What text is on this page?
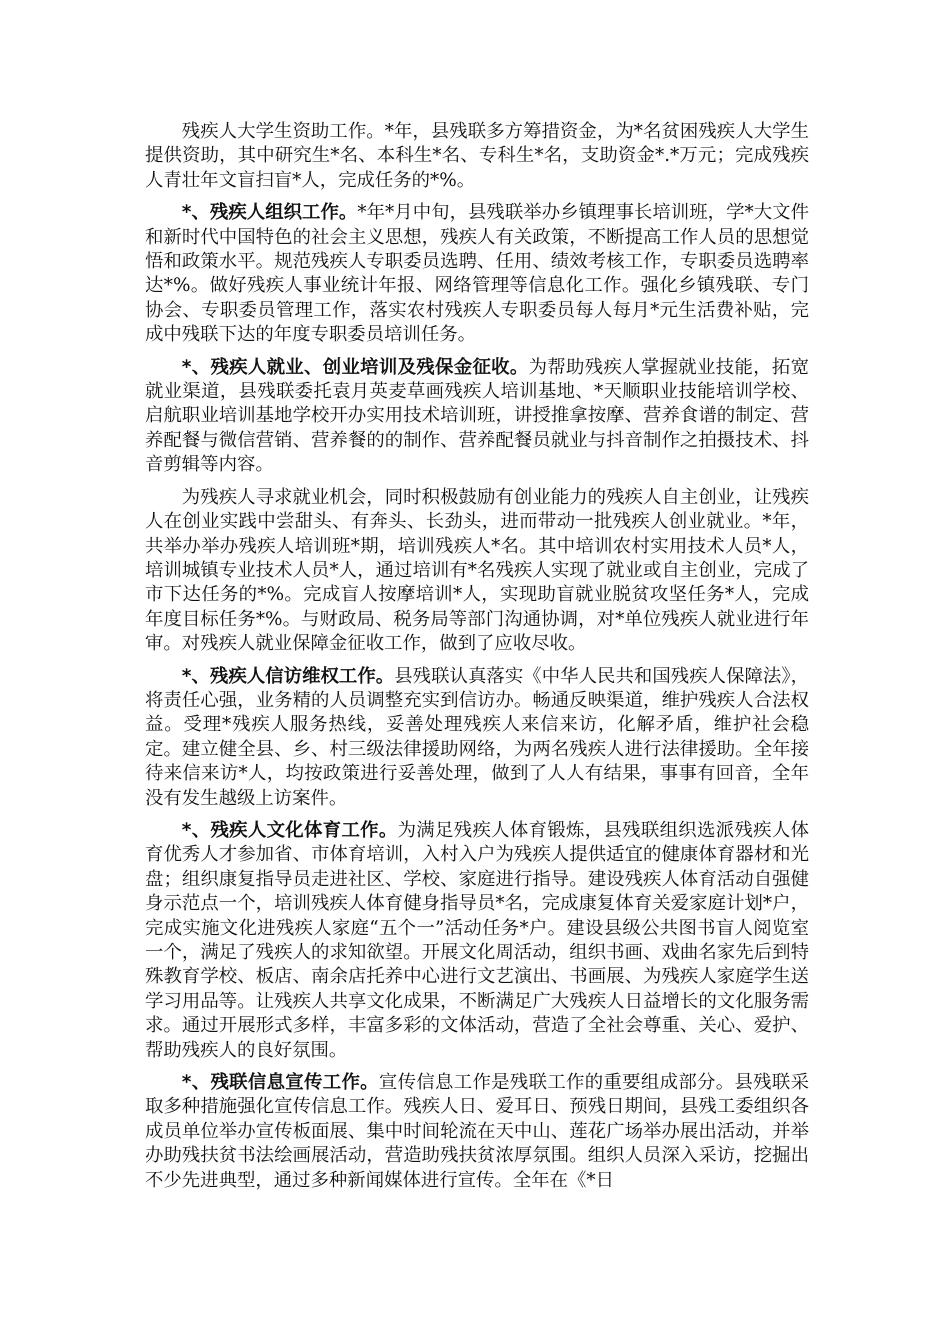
残疾人大学生资助工作。*年，县残联多方筹措资金，为*名贫困残疾人大学生提供资助，其中研究生*名、本科生*名、专科生*名，支助资金*.*万元；完成残疾人青壮年文盲扫盲*人，完成任务的*%。

*、残疾人组织工作。*年*月中旬，县残联举办乡镇理事长培训班，学*大文件和新时代中国特色的社会主义思想，残疾人有关政策，不断提高工作人员的思想觉悟和政策水平。规范残疾人专职委员选聘、任用、绩效考核工作，专职委员选聘率达*%。做好残疾人事业统计年报、网络管理等信息化工作。强化乡镇残联、专门协会、专职委员管理工作，落实农村残疾人专职委员每人每月*元生活费补贴，完成中残联下达的年度专职委员培训任务。

*、残疾人就业、创业培训及残保金征收。为帮助残疾人掌握就业技能，拓宽就业渠道，县残联委托袁月英麦草画残疾人培训基地、*天顺职业技能培训学校、启航职业培训基地学校开办实用技术培训班，讲授推拿按摩、营养食谱的制定、营养配餐与微信营销、营养餐的的制作、营养配餐员就业与抖音制作之拍摄技术、抖音剪辑等内容。

为残疾人寻求就业机会，同时积极鼓励有创业能力的残疾人自主创业，让残疾人在创业实践中尝甜头、有奔头、长劲头，进而带动一批残疾人创业就业。*年，共举办举办残疾人培训班*期，培训残疾人*名。其中培训农村实用技术人员*人，培训城镇专业技术人员*人，通过培训有*名残疾人实现了就业或自主创业，完成了市下达任务的*%。完成盲人按摩培训*人，实现助盲就业脱贫攻坚任务*人，完成年度目标任务*%。与财政局、税务局等部门沟通协调，对*单位残疾人就业进行年审。对残疾人就业保障金征收工作，做到了应收尽收。

*、残疾人信访维权工作。县残联认真落实《中华人民共和国残疾人保障法》，将责任心强，业务精的人员调整充实到信访办。畅通反映渠道，维护残疾人合法权益。受理*残疾人服务热线，妥善处理残疾人来信来访，化解矛盾，维护社会稳定。建立健全县、乡、村三级法律援助网络，为两名残疾人进行法律援助。全年接待来信来访*人，均按政策进行妥善处理，做到了人人有结果，事事有回音，全年没有发生越级上访案件。

*、残疾人文化体育工作。为满足残疾人体育锻炼，县残联组织选派残疾人体育优秀人才参加省、市体育培训，入村入户为残疾人提供适宜的健康体育器材和光盘；组织康复指导员走进社区、学校、家庭进行指导。建设残疾人体育活动自强健身示范点一个，培训残疾人体育健身指导员*名，完成康复体育关爱家庭计划*户，完成实施文化进残疾人家庭“五个一”活动任务*户。建设县级公共图书盲人阅览室一个，满足了残疾人的求知欲望。开展文化周活动，组织书画、戏曲名家先后到特殊教育学校、板店、南余店托养中心进行文艺演出、书画展、为残疾人家庭学生送学习用品等。让残疾人共享文化成果，不断满足广大残疾人日益增长的文化服务需求。通过开展形式多样，丰富多彩的文体活动，营造了全社会尊重、关心、爱护、帮助残疾人的良好氛围。

*、残联信息宣传工作。宣传信息工作是残联工作的重要组成部分。县残联采取多种措施强化宣传信息工作。残疾人日、爱耳日、预残日期间，县残工委组织各成员单位举办宣传板面展、集中时间轮流在天中山、莲花广场举办展出活动，并举办助残扶贫书法绘画展活动，营造助残扶贫浓厚氛围。组织人员深入采访，挖掘出不少先进典型，通过多种新闻媒体进行宣传。全年在《*日
